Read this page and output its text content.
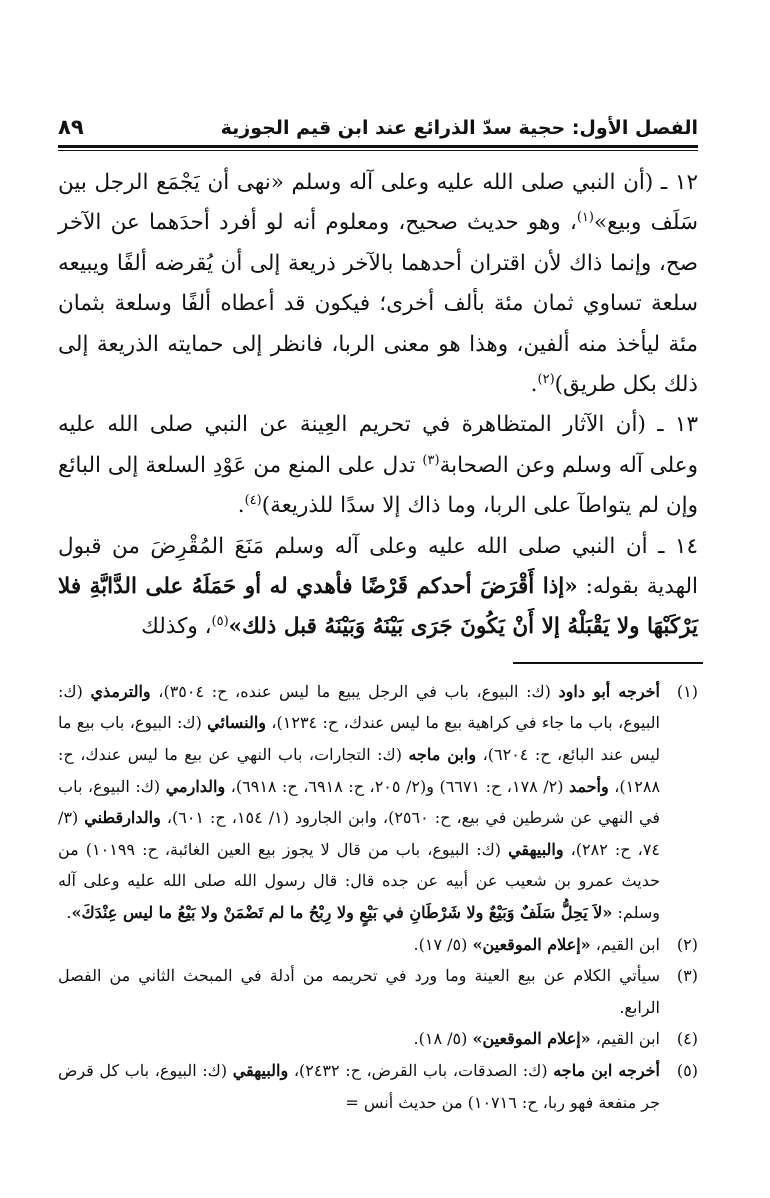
الفصل الأول: حجية سدّ الذرائع عند ابن قيم الجوزية
٨٩

١٢ ـ (أن النبي صلى الله عليه وعلى آله وسلم «نهى أن يَجْمَع الرجل بين سَلَف وبيع»$^{(١)}$، وهو حديث صحيح، ومعلوم أنه لو أفرد أحدَهما عن الآخر صح، وإنما ذاك لأن اقتران أحدهما بالآخر ذريعة إلى أن يُقرضه ألفًا ويبيعه سلعة تساوي ثمان مئة بألف أخرى؛ فيكون قد أعطاه ألفًا وسلعة بثمان مئة ليأخذ منه ألفين، وهذا هو معنى الربا، فانظر إلى حمايته الذريعة إلى ذلك بكل طريق)$^{(٢)}$.

١٣ ـ (أن الآثار المتظاهرة في تحريم العِينة عن النبي صلى الله عليه وعلى آله وسلم وعن الصحابة$^{(٣)}$ تدل على المنع من عَوْدِ السلعة إلى البائع وإن لم يتواطآ على الربا، وما ذاك إلا سدًا للذريعة)$^{(٤)}$.

١٤ ـ أن النبي صلى الله عليه وعلى آله وسلم مَنَعَ المُقْرِضَ من قبول الهدية بقوله: «إذا أَقْرَضَ أحدكم قَرْضًا فأهدي له أو حَمَلَهُ على الدَّابَّةِ فلا يَرْكَبْهَا ولا يَقْبَلْهُ إلا أَنْ يَكُونَ جَرَى بَيْنَهُ وَبَيْنَهُ قبل ذلك»$^{(٥)}$، وكذلك

(١)
أخرجه أبو داود (ك: البيوع، باب في الرجل يبيع ما ليس عنده، ح: ٣٥٠٤)، والترمذي (ك: البيوع، باب ما جاء في كراهية بيع ما ليس عندك، ح: ١٢٣٤)، والنسائي (ك: البيوع، باب بيع ما ليس عند البائع، ح: ٦٢٠٤)، وابن ماجه (ك: التجارات، باب النهي عن بيع ما ليس عندك، ح: ١٢٨٨)، وأحمد (٢/ ١٧٨، ح: ٦٦٧١) و(٢/ ٢٠٥، ح: ٦٩١٨، ح: ٦٩١٨)، والدارمي (ك: البيوع، باب في النهي عن شرطين في بيع، ح: ٢٥٦٠)، وابن الجارود (١/ ١٥٤، ح: ٦٠١)، والدارقطني (٣/ ٧٤، ح: ٢٨٢)، والبيهقي (ك: البيوع، باب من قال لا يجوز بيع العين الغائبة، ح: ١٠١٩٩) من حديث عمرو بن شعيب عن أبيه عن جده قال: قال رسول الله صلى الله عليه وعلى آله وسلم: «لاَ يَحِلُّ سَلَفٌ وَبَيْعٌ ولا شَرْطَانِ في بَيْعٍ ولا رِبْحُ ما لم تَضْمَنْ ولا بَيْعُ ما ليس عِنْدَكَ».
(٢)
ابن القيم، «إعلام الموقعين» (٥/ ١٧).
(٣)
سيأتي الكلام عن بيع العينة وما ورد في تحريمه من أدلة في المبحث الثاني من الفصل الرابع.
(٤)
ابن القيم، «إعلام الموقعين» (٥/ ١٨).
(٥)
أخرجه ابن ماجه (ك: الصدقات، باب القرض، ح: ٢٤٣٢)، والبيهقي (ك: البيوع، باب كل قرض جر منفعة فهو ربا، ح: ١٠٧١٦) من حديث أنس =
